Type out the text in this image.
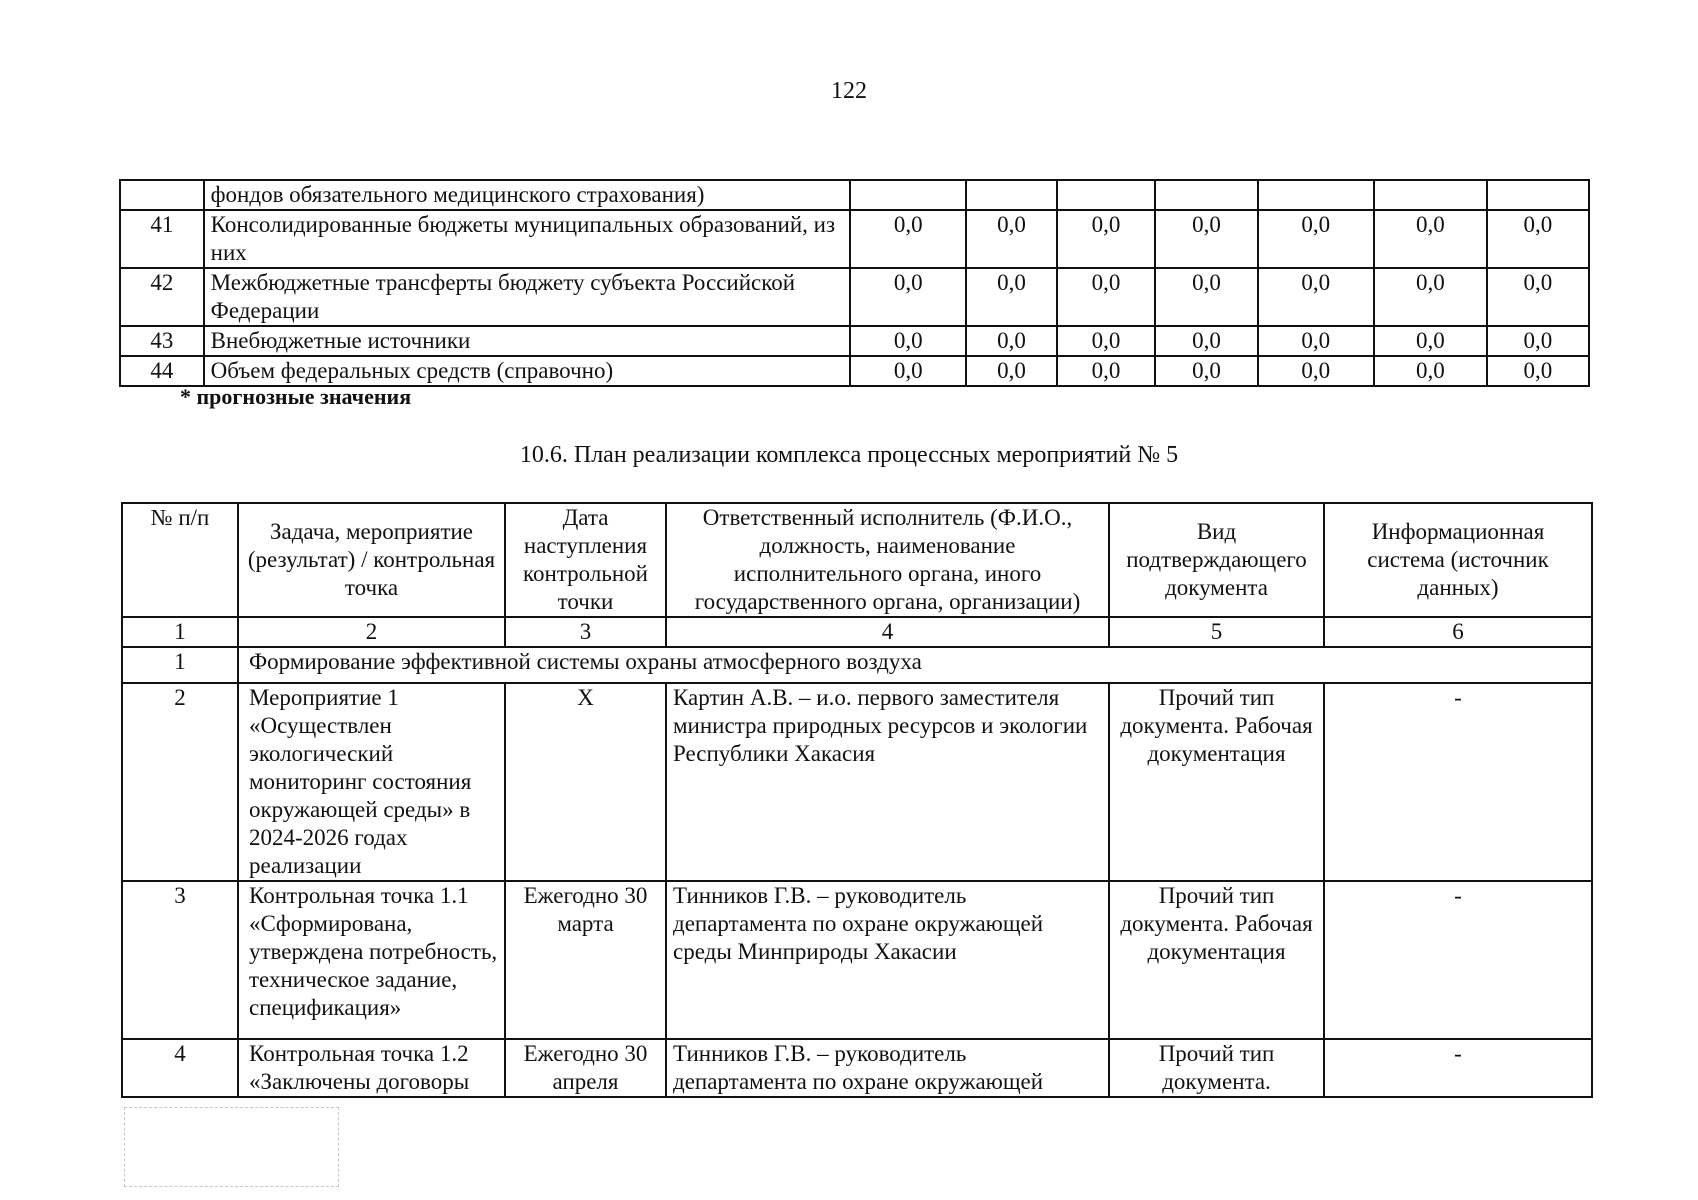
122
	фондов обязательного медицинского страхования)							
41	Консолидированные бюджеты муниципальных образований, из них	0,0	0,0	0,0	0,0	0,0	0,0	0,0
42	Межбюджетные трансферты бюджету субъекта Российской Федерации	0,0	0,0	0,0	0,0	0,0	0,0	0,0
43	Внебюджетные источники	0,0	0,0	0,0	0,0	0,0	0,0	0,0
44	Объем федеральных средств (справочно)	0,0	0,0	0,0	0,0	0,0	0,0	0,0
* прогнозные значения
10.6. План реализации комплекса процессных мероприятий № 5
№ п/п	Задача, мероприятие (результат) / контрольная точка	Дата наступления контрольной точки	Ответственный исполнитель (Ф.И.О., должность, наименование исполнительного органа, иного государственного органа, организации)	Вид подтверждающего документа	Информационная система (источник данных)
1	2	3	4	5	6
1	Формирование эффективной системы охраны атмосферного воздуха				
2	Мероприятие 1 «Осуществлен экологический мониторинг состояния окружающей среды» в 2024-2026 годах реализации	X	Картин А.В. – и.о. первого заместителя министра природных ресурсов и экологии Республики Хакасия	Прочий тип документа. Рабочая документация	-
3	Контрольная точка 1.1 «Сформирована, утверждена потребность, техническое задание, спецификация»	Ежегодно 30 марта	Тинников Г.В. – руководитель департамента по охране окружающей среды Минприроды Хакасии	Прочий тип документа. Рабочая документация	-
4	Контрольная точка 1.2 «Заключены договоры	Ежегодно 30 апреля	Тинников Г.В. – руководитель департамента по охране окружающей	Прочий тип документа.	-
